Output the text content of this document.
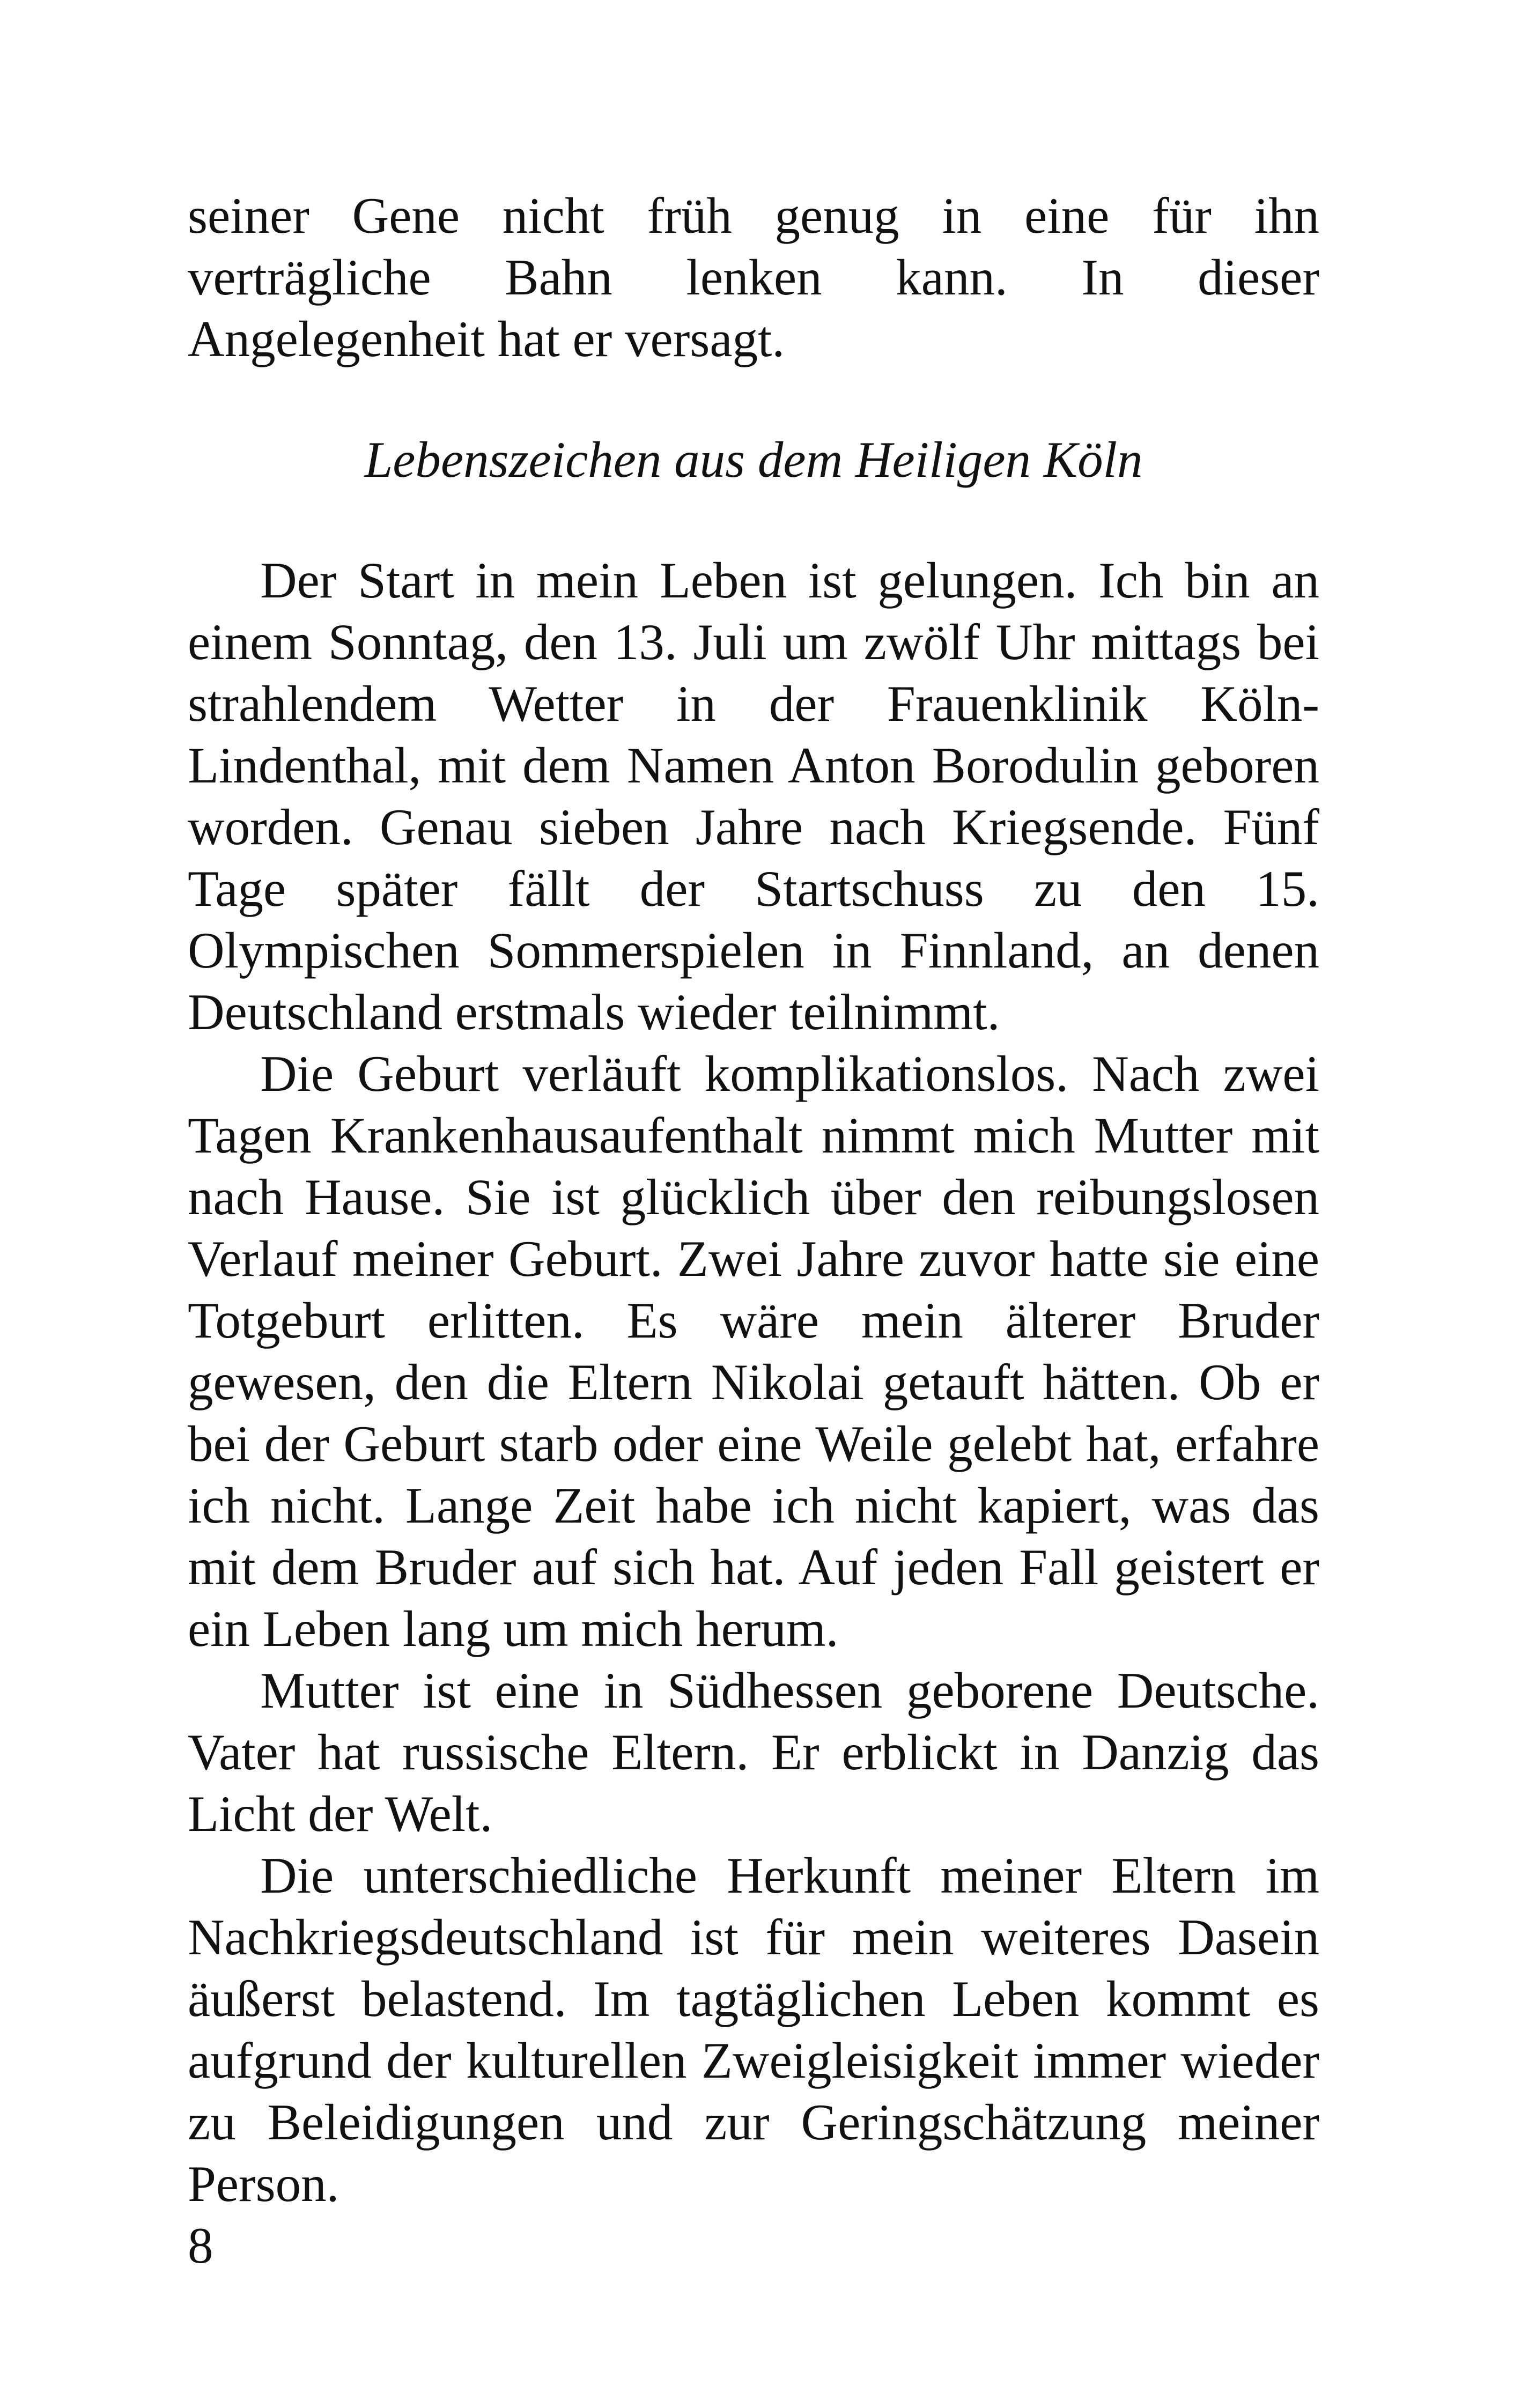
seiner Gene nicht früh genug in eine für ihn verträgliche Bahn lenken kann. In dieser Angelegenheit hat er versagt.

Lebenszeichen aus dem Heiligen Köln

Der Start in mein Leben ist gelungen. Ich bin an einem Sonntag, den 13. Juli um zwölf Uhr mittags bei strahlendem Wetter in der Frauenklinik Köln-Lindenthal, mit dem Namen Anton Borodulin geboren worden. Genau sieben Jahre nach Kriegsende. Fünf Tage später fällt der Startschuss zu den 15. Olympischen Sommerspielen in Finnland, an denen Deutschland erstmals wieder teilnimmt.

Die Geburt verläuft komplikationslos. Nach zwei Tagen Krankenhausaufenthalt nimmt mich Mutter mit nach Hause. Sie ist glücklich über den reibungslosen Verlauf meiner Geburt. Zwei Jahre zuvor hatte sie eine Totgeburt erlitten. Es wäre mein älterer Bruder gewesen, den die Eltern Nikolai getauft hätten. Ob er bei der Geburt starb oder eine Weile gelebt hat, erfahre ich nicht. Lange Zeit habe ich nicht kapiert, was das mit dem Bruder auf sich hat. Auf jeden Fall geistert er ein Leben lang um mich herum.

Mutter ist eine in Südhessen geborene Deutsche. Vater hat russische Eltern. Er erblickt in Danzig das Licht der Welt.

Die unterschiedliche Herkunft meiner Eltern im Nachkriegsdeutschland ist für mein weiteres Dasein äußerst belastend. Im tagtäglichen Leben kommt es aufgrund der kulturellen Zweigleisigkeit immer wieder zu Beleidigungen und zur Geringschätzung meiner Person.

8
